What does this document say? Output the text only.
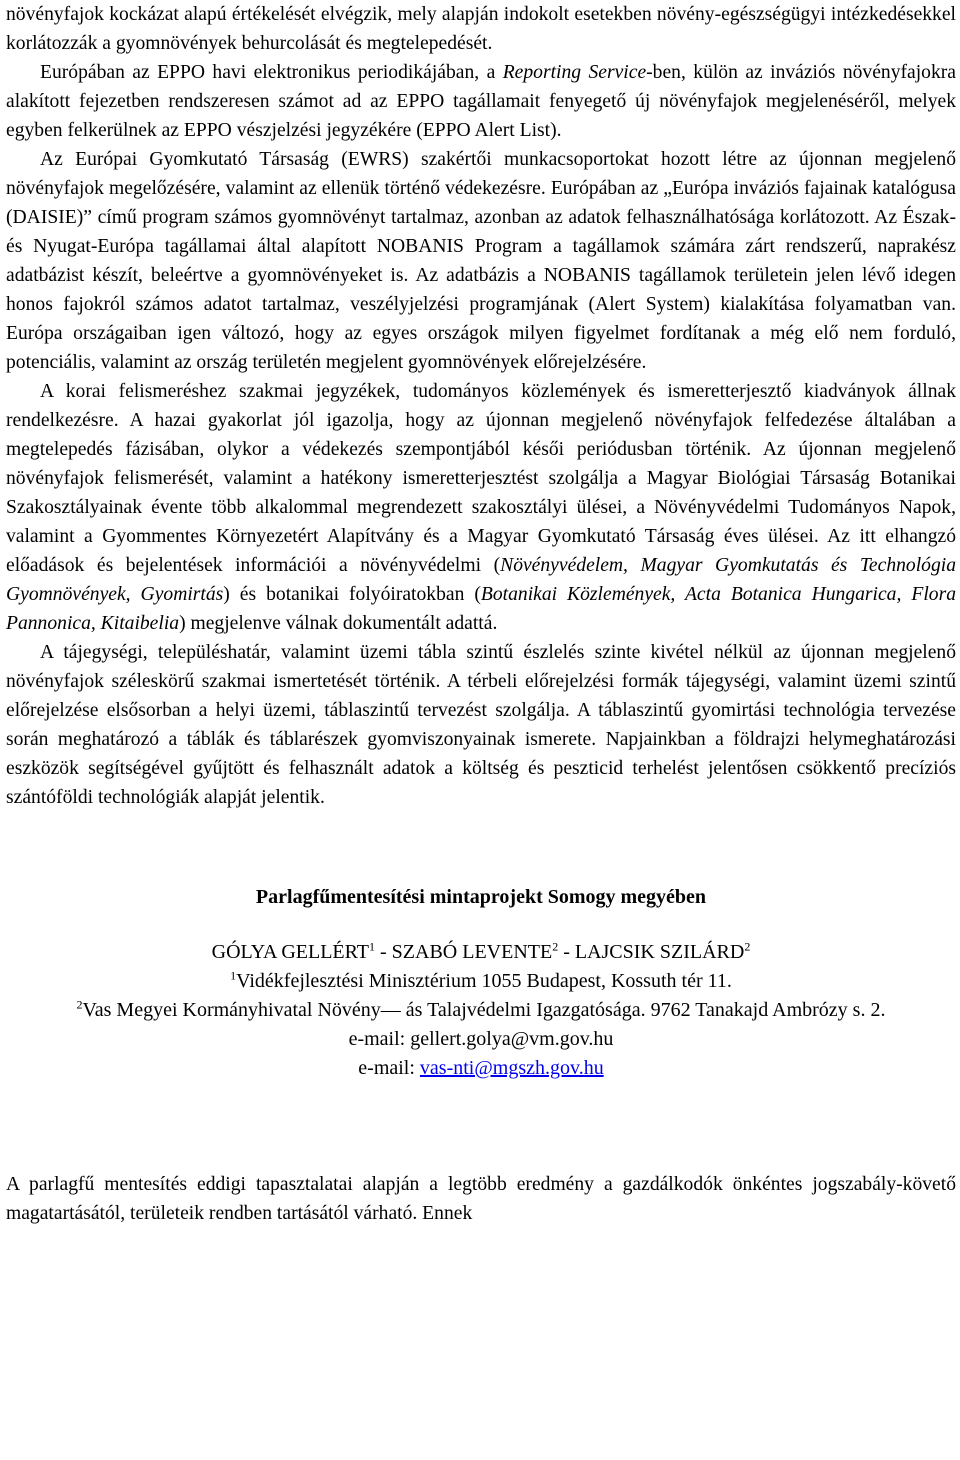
növényfajok kockázat alapú értékelését elvégzik, mely alapján indokolt esetekben növény-egészségügyi intézkedésekkel korlátozzák a gyomnövények behurcolását és megtelepedését.

Európában az EPPO havi elektronikus periodikájában, a Reporting Service-ben, külön az inváziós növényfajokra alakított fejezetben rendszeresen számot ad az EPPO tagállamait fenyegető új növényfajok megjelenéséről, melyek egyben felkerülnek az EPPO vészjelzési jegyzékére (EPPO Alert List).

Az Európai Gyomkutató Társaság (EWRS) szakértői munkacsoportokat hozott létre az újonnan megjelenő növényfajok megelőzésére, valamint az ellenük történő védekezésre. Európában az „Európa inváziós fajainak katalógusa (DAISIE)” című program számos gyomnövényt tartalmaz, azonban az adatok felhasználhatósága korlátozott. Az Észak- és Nyugat-Európa tagállamai által alapított NOBANIS Program a tagállamok számára zárt rendszerű, naprakész adatbázist készít, beleértve a gyomnövényeket is. Az adatbázis a NOBANIS tagállamok területein jelen lévő idegen honos fajokról számos adatot tartalmaz, veszélyjelzési programjának (Alert System) kialakítása folyamatban van. Európa országaiban igen változó, hogy az egyes országok milyen figyelmet fordítanak a még elő nem forduló, potenciális, valamint az ország területén megjelent gyomnövények előrejelzésére.

A korai felismeréshez szakmai jegyzékek, tudományos közlemények és ismeretterjesztő kiadványok állnak rendelkezésre. A hazai gyakorlat jól igazolja, hogy az újonnan megjelenő növényfajok felfedezése általában a megtelepedés fázisában, olykor a védekezés szempontjából késői periódusban történik. Az újonnan megjelenő növényfajok felismerését, valamint a hatékony ismeretterjesztést szolgálja a Magyar Biológiai Társaság Botanikai Szakosztályainak évente több alkalommal megrendezett szakosztályi ülései, a Növényvédelmi Tudományos Napok, valamint a Gyommentes Környezetért Alapítvány és a Magyar Gyomkutató Társaság éves ülései. Az itt elhangzó előadások és bejelentések információi a növényvédelmi (Növényvédelem, Magyar Gyomkutatás és Technológia Gyomnövények, Gyomirtás) és botanikai folyóiratokban (Botanikai Közlemények, Acta Botanica Hungarica, Flora Pannonica, Kitaibelia) megjelenve válnak dokumentált adattá.

A tájegységi, településhatár, valamint üzemi tábla szintű észlelés szinte kivétel nélkül az újonnan megjelenő növényfajok széleskörű szakmai ismertetését történik. A térbeli előrejelzési formák tájegységi, valamint üzemi szintű előrejelzése elsősorban a helyi üzemi, táblaszintű tervezést szolgálja. A táblaszintű gyomirtási technológia tervezése során meghatározó a táblák és táblarészek gyomviszonyainak ismerete. Napjainkban a földrajzi helymeghatározási eszközök segítségével gyűjtött és felhasznált adatok a költség és peszticid terhelést jelentősen csökkentő precíziós szántóföldi technológiák alapját jelentik.

Parlagfűmentesítési mintaprojekt Somogy megyében

GÓLYA GELLÉRT$^1$ - SZABÓ LEVENTE$^2$ - LAJCSIK SZILÁRD$^2$

$^1$Vidékfejlesztési Minisztérium 1055 Budapest, Kossuth tér 11.

$^2$Vas Megyei Kormányhivatal Növény— ás Talajvédelmi Igazgatósága. 9762 Tanakajd Ambrózy s. 2.

e-mail: gellert.golya@vm.gov.hu

e-mail: vas-nti@mgszh.gov.hu

A parlagfű mentesítés eddigi tapasztalatai alapján a legtöbb eredmény a gazdálkodók önkéntes jogszabály-követő magatartásától, területeik rendben tartásától várható. Ennek
